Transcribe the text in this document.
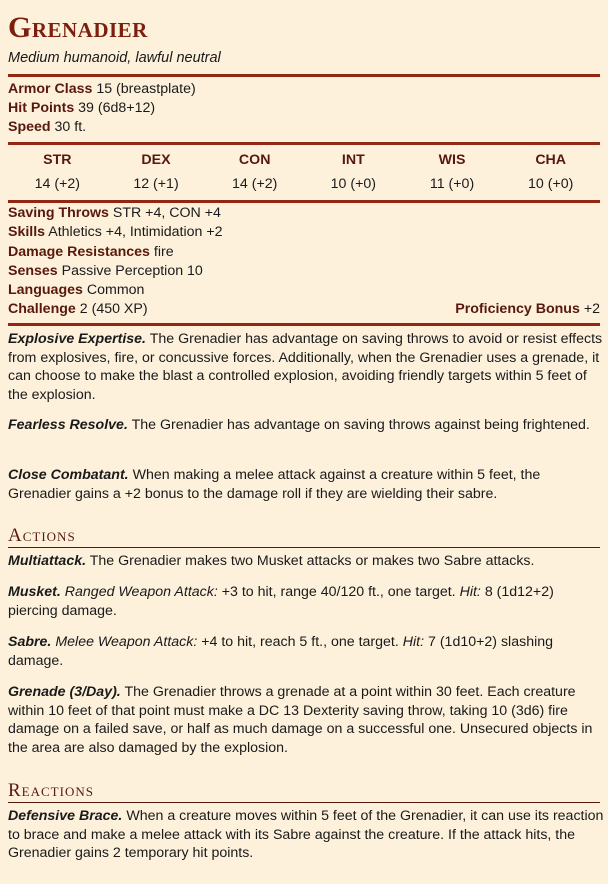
Grenadier
Medium humanoid, lawful neutral
Armor Class 15 (breastplate)
Hit Points 39 (6d8+12)
Speed 30 ft.
STR
14 (+2)
DEX
12 (+1)
CON
14 (+2)
INT
10 (+0)
WIS
11 (+0)
CHA
10 (+0)
Saving Throws STR +4, CON +4
Skills Athletics +4, Intimidation +2
Damage Resistances fire
Senses Passive Perception 10
Languages Common
Challenge 2 (450 XP)	Proficiency Bonus +2
Explosive Expertise. The Grenadier has advantage on saving throws to avoid or resist effects from explosives, fire, or concussive forces. Additionally, when the Grenadier uses a grenade, it can choose to make the blast a controlled explosion, avoiding friendly targets within 5 feet of the explosion.
Fearless Resolve. The Grenadier has advantage on saving throws against being frightened.
Close Combatant. When making a melee attack against a creature within 5 feet, the Grenadier gains a +2 bonus to the damage roll if they are wielding their sabre.
Actions
Multiattack. The Grenadier makes two Musket attacks or makes two Sabre attacks.
Musket. Ranged Weapon Attack: +3 to hit, range 40/120 ft., one target. Hit: 8 (1d12+2) piercing damage.
Sabre. Melee Weapon Attack: +4 to hit, reach 5 ft., one target. Hit: 7 (1d10+2) slashing damage.
Grenade (3/Day). The Grenadier throws a grenade at a point within 30 feet. Each creature within 10 feet of that point must make a DC 13 Dexterity saving throw, taking 10 (3d6) fire damage on a failed save, or half as much damage on a successful one. Unsecured objects in the area are also damaged by the explosion.
Reactions
Defensive Brace. When a creature moves within 5 feet of the Grenadier, it can use its reaction to brace and make a melee attack with its Sabre against the creature. If the attack hits, the Grenadier gains 2 temporary hit points.
